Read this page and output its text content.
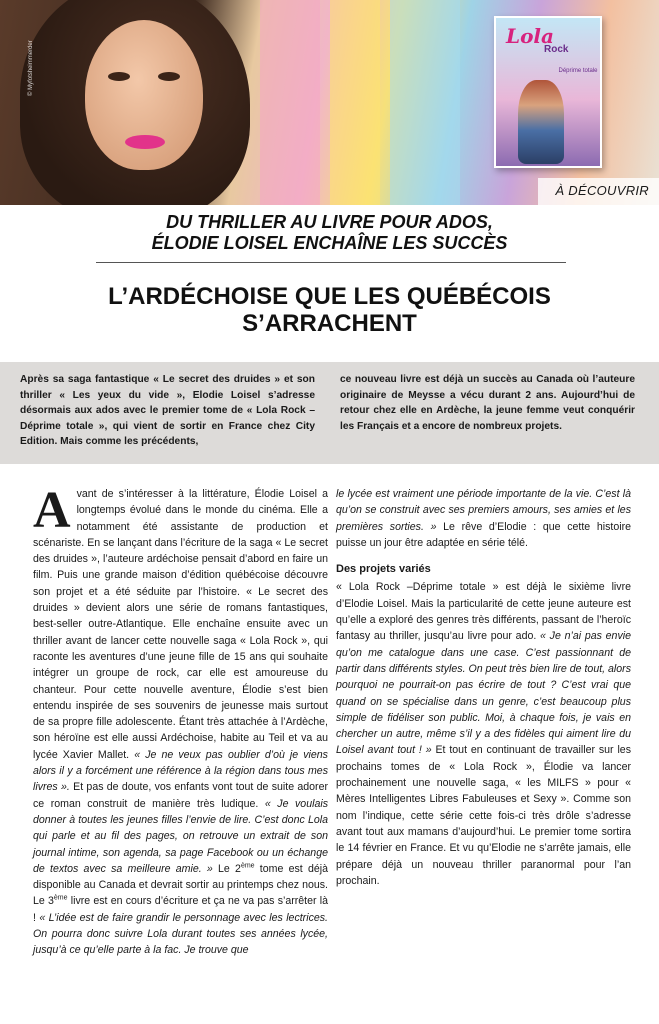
© Myfotsheimmerder
Lola
Rock
Déprime totale
À DÉCOUVRIR
DU THRILLER AU LIVRE POUR ADOS,
ÉLODIE LOISEL ENCHAÎNE LES SUCCÈS
L’ARDÉCHOISE QUE LES QUÉBÉCOIS
S’ARRACHENT
Après sa saga fantastique « Le secret des druides » et son thriller « Les yeux du vide », Elodie Loisel s’adresse désormais aux ados avec le premier tome de « Lola Rock – Déprime totale », qui vient de sortir en France chez City Edition. Mais comme les précédents,
ce nouveau livre est déjà un succès au Canada où l’auteure originaire de Meysse a vécu durant 2 ans. Aujourd’hui de retour chez elle en Ardèche, la jeune femme veut conquérir les Français et a encore de nombreux projets.

Avant de s’intéresser à la littérature, Élodie Loisel a longtemps évolué dans le monde du cinéma. Elle a notamment été assistante de production et scénariste. En se lançant dans l’écriture de la saga « Le secret des druides », l’auteure ardéchoise pensait d’abord en faire un film. Puis une grande maison d’édition québécoise découvre son projet et a été séduite par l’histoire. « Le secret des druides » devient alors une série de romans fantastiques, best-seller outre-Atlantique. Elle enchaîne ensuite avec un thriller avant de lancer cette nouvelle saga « Lola Rock », qui raconte les aventures d’une jeune fille de 15 ans qui souhaite intégrer un groupe de rock, car elle est amoureuse du chanteur. Pour cette nouvelle aventure, Élodie s’est bien entendu inspirée de ses souvenirs de jeunesse mais surtout de sa propre fille adolescente. Étant très attachée à l’Ardèche, son héroïne est elle aussi Ardéchoise, habite au Teil et va au lycée Xavier Mallet. « Je ne veux pas oublier d’où je viens alors il y a forcément une référence à la région dans tous mes livres ». Et pas de doute, vos enfants vont tout de suite adorer ce roman construit de manière très ludique. « Je voulais donner à toutes les jeunes filles l’envie de lire. C’est donc Lola qui parle et au fil des pages, on retrouve un extrait de son journal intime, son agenda, sa page Facebook ou un échange de textos avec sa meilleure amie. » Le 2ème tome est déjà disponible au Canada et devrait sortir au printemps chez nous. Le 3ème livre est en cours d’écriture et ça ne va pas s’arrêter là ! « L’idée est de faire grandir le personnage avec les lectrices. On pourra donc suivre Lola durant toutes ses années lycée, jusqu’à ce qu’elle parte à la fac. Je trouve que

le lycée est vraiment une période importante de la vie. C’est là qu’on se construit avec ses premiers amours, ses amies et les premières sorties. » Le rêve d’Elodie : que cette histoire puisse un jour être adaptée en série télé.

Des projets variés

« Lola Rock –Déprime totale » est déjà le sixième livre d’Elodie Loisel. Mais la particularité de cette jeune auteure est qu’elle a exploré des genres très différents, passant de l’heroïc fantasy au thriller, jusqu’au livre pour ado. « Je n’ai pas envie qu’on me catalogue dans une case. C’est passionnant de partir dans différents styles. On peut très bien lire de tout, alors pourquoi ne pourrait-on pas écrire de tout ? C’est vrai que quand on se spécialise dans un genre, c’est beaucoup plus simple de fidéliser son public. Moi, à chaque fois, je vais en chercher un autre, même s’il y a des fidèles qui aiment lire du Loisel avant tout ! » Et tout en continuant de travailler sur les prochains tomes de « Lola Rock », Élodie va lancer prochainement une nouvelle saga, « les MILFS » pour « Mères Intelligentes Libres Fabuleuses et Sexy ». Comme son nom l’indique, cette série cette fois-ci très drôle s’adresse avant tout aux mamans d’aujourd’hui. Le premier tome sortira le 14 février en France. Et vu qu’Elodie ne s’arrête jamais, elle prépare déjà un nouveau thriller paranormal pour l’an prochain.
